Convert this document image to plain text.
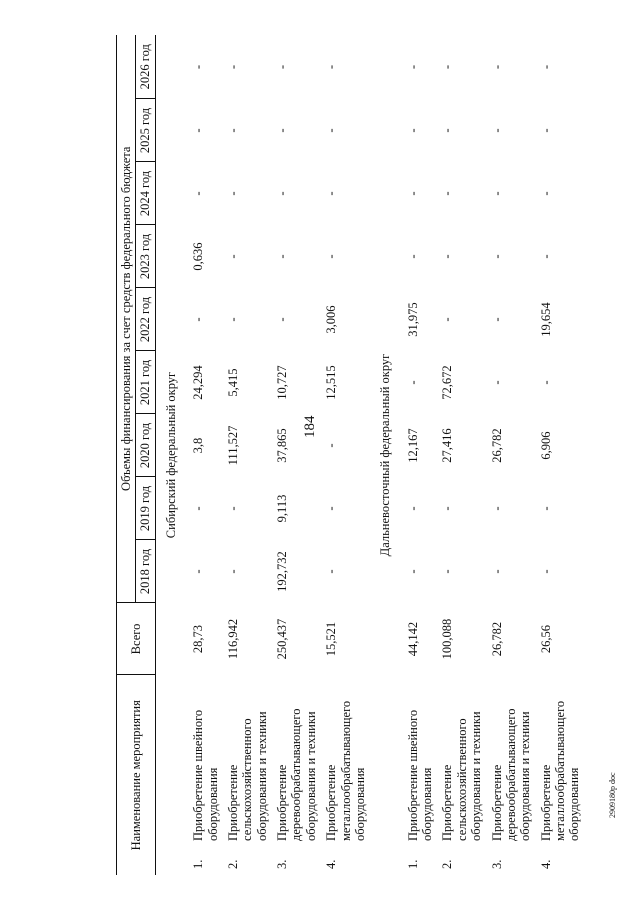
184
2909180р doc
Наименование мероприятия		Всего	Объемы финансирования за счет средств федерального бюджета								
			2018 год	2019 год	2020 год	2021 год	2022 год	2023 год	2024 год	2025 год	2026 год
Сибирский федеральный округ											
1.	Приобретение швейного оборудования	28,73	-	-	3,8	24,294	-	0,636	-	-	-
2.	Приобретение сельскохозяйственного оборудования и техники	116,942	-	-	111,527	5,415	-	-	-	-	-
3.	Приобретение деревообрабатывающего оборудования и техники	250,437	192,732	9,113	37,865	10,727	-	-	-	-	-
4.	Приобретение металлообрабатывающего оборудования	15,521	-	-	-	12,515	3,006	-	-	-	-
Дальневосточный федеральный округ											
1.	Приобретение швейного оборудования	44,142	-	-	12,167	-	31,975	-	-	-	-
2.	Приобретение сельскохозяйственного оборудования и техники	100,088	-	-	27,416	72,672	-	-	-	-	-
3.	Приобретение деревообрабатывающего оборудования и техники	26,782	-	-	26,782	-	-	-	-	-	-
4.	Приобретение металлообрабатывающего оборудования	26,56	-	-	6,906	-	19,654	-	-	-	-
